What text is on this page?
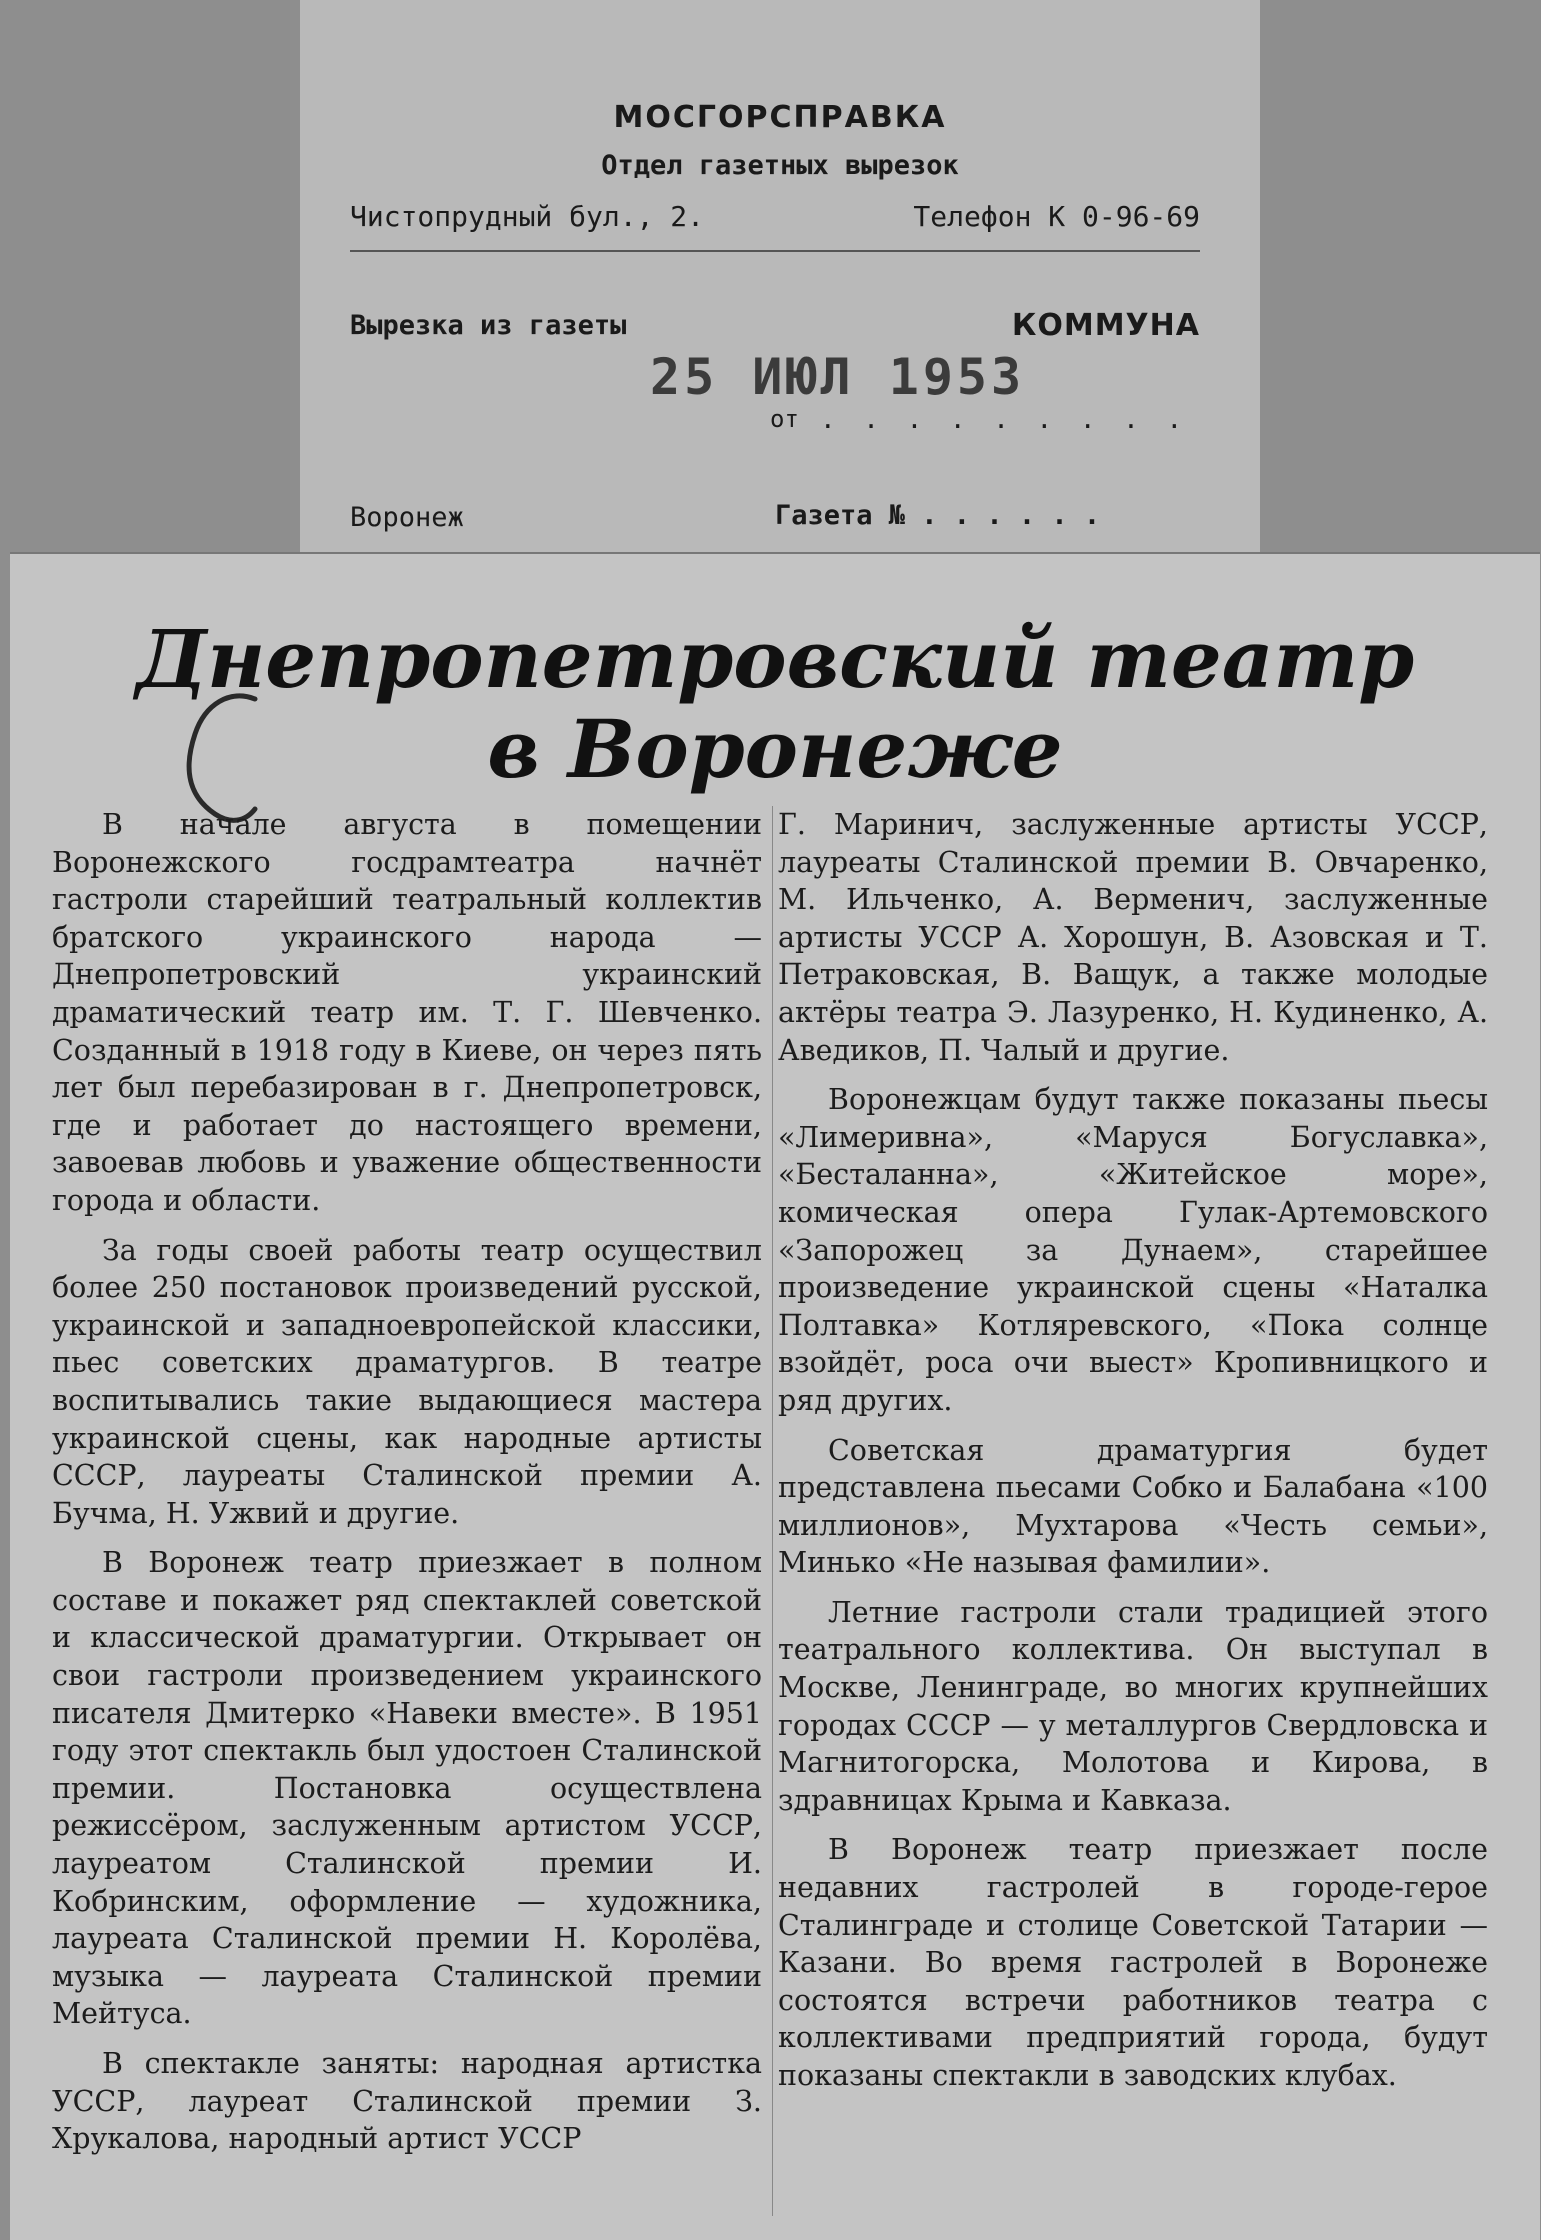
МОСГОРСПРАВКА
Отдел газетных вырезок
Чистопрудный бул., 2.	Телефон К 0-96-69
Вырезка из газеты	КОММУНА
25 ИЮЛ 1953
от . . . . . . . . .
Воронеж	Газета № . . . . . .
Днепропетровский театр
в Воронеже

В начале августа в помещении Воронежского госдрамтеатра начнёт гастроли старейший театральный коллектив братского украинского народа — Днепропетровский украинский драматический театр им. Т. Г. Шевченко. Созданный в 1918 году в Киеве, он через пять лет был перебазирован в г. Днепропетровск, где и работает до настоящего времени, завоевав любовь и уважение общественности города и области.

За годы своей работы театр осуществил более 250 постановок произведений русской, украинской и западноевропейской классики, пьес советских драматургов. В театре воспитывались такие выдающиеся мастера украинской сцены, как народные артисты СССР, лауреаты Сталинской премии А. Бучма, Н. Ужвий и другие.

В Воронеж театр приезжает в полном составе и покажет ряд спектаклей советской и классической драматургии. Открывает он свои гастроли произведением украинского писателя Дмитерко «Навеки вместе». В 1951 году этот спектакль был удостоен Сталинской премии. Постановка осуществлена режиссёром, заслуженным артистом УССР, лауреатом Сталинской премии И. Кобринским, оформление — художника, лауреата Сталинской премии Н. Королёва, музыка — лауреата Сталинской премии Мейтуса.

В спектакле заняты: народная артистка УССР, лауреат Сталинской премии З. Хрукалова, народный артист УССР

Г. Маринич, заслуженные артисты УССР, лауреаты Сталинской премии В. Овчаренко, М. Ильченко, А. Верменич, заслуженные артисты УССР А. Хорошун, В. Азовская и Т. Петраковская, В. Ващук, а также молодые актёры театра Э. Лазуренко, Н. Кудиненко, А. Аведиков, П. Чалый и другие.

Воронежцам будут также показаны пьесы «Лимеривна», «Маруся Богуславка», «Бесталанна», «Житейское море», комическая опера Гулак-Артемовского «Запорожец за Дунаем», старейшее произведение украинской сцены «Наталка Полтавка» Котляревского, «Пока солнце взойдёт, роса очи выест» Кропивницкого и ряд других.

Советская драматургия будет представлена пьесами Собко и Балабана «100 миллионов», Мухтарова «Честь семьи», Минько «Не называя фамилии».

Летние гастроли стали традицией этого театрального коллектива. Он выступал в Москве, Ленинграде, во многих крупнейших городах СССР — у металлургов Свердловска и Магнитогорска, Молотова и Кирова, в здравницах Крыма и Кавказа.

В Воронеж театр приезжает после недавних гастролей в городе-герое Сталинграде и столице Советской Татарии — Казани. Во время гастролей в Воронеже состоятся встречи работников театра с коллективами предприятий города, будут показаны спектакли в заводских клубах.
